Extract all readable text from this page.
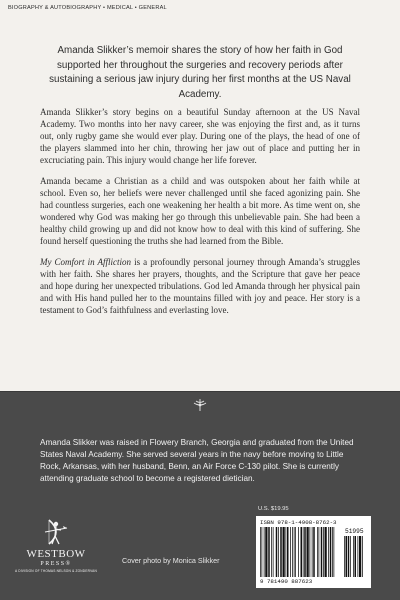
BIOGRAPHY & AUTOBIOGRAPHY • MEDICAL • GENERAL

Amanda Slikker’s memoir shares the story of how her faith in God supported her throughout the surgeries and recovery periods after sustaining a serious jaw injury during her first months at the US Naval Academy.

Amanda Slikker’s story begins on a beautiful Sunday afternoon at the US Naval Academy. Two months into her navy career, she was enjoying the first and, as it turns out, only rugby game she would ever play. During one of the plays, the head of one of the players slammed into her chin, throwing her jaw out of place and putting her in excruciating pain. This injury would change her life forever.

Amanda became a Christian as a child and was outspoken about her faith while at school. Even so, her beliefs were never challenged until she faced agonizing pain. She had countless surgeries, each one weakening her health a bit more. As time went on, she wondered why God was making her go through this unbelievable pain. She had been a healthy child growing up and did not know how to deal with this kind of suffering. She found herself questioning the truths she had learned from the Bible.

My Comfort in Affliction is a profoundly personal journey through Amanda’s struggles with her faith. She shares her prayers, thoughts, and the Scripture that gave her peace and hope during her unexpected tribulations. God led Amanda through her physical pain and with His hand pulled her to the mountains filled with joy and peace. Her story is a testament to God’s faithfulness and everlasting love.

Amanda Slikker was raised in Flowery Branch, Georgia and graduated from the United States Naval Academy. She served several years in the navy before moving to Little Rock, Arkansas, with her husband, Benn, an Air Force C-130 pilot. She is currently attending graduate school to become a registered dietician.

U.S. $19.95
ISBN 978-1-4908-8762-3
51995
9 781490 887623
WESTBOW
PRESS®
A DIVISION OF THOMAS NELSON & ZONDERVAN
Cover photo by Monica Slikker
